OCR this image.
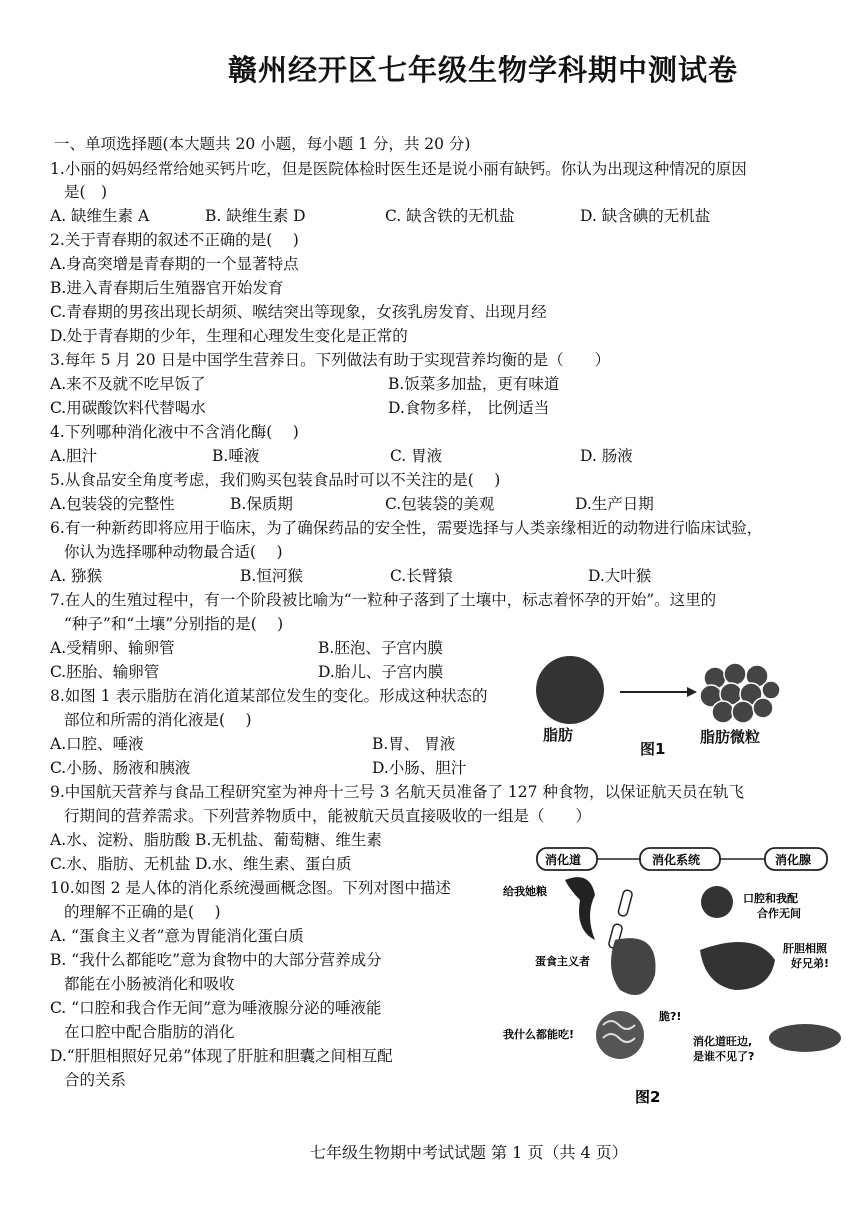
赣州经开区七年级生物学科期中测试卷
一、单项选择题(本大题共 20 小题，每小题 1 分，共 20 分)
1.小丽的妈妈经常给她买钙片吃，但是医院体检时医生还是说小丽有缺钙。你认为出现这种情况的原因
是(　)
A. 缺维生素 A	B. 缺维生素 D	C. 缺含铁的无机盐	D. 缺含碘的无机盐
2.关于青春期的叙述不正确的是(　 )
A.身高突增是青春期的一个显著特点
B.进入青春期后生殖器官开始发育
C.青春期的男孩出现长胡须、喉结突出等现象，女孩乳房发育、出现月经
D.处于青春期的少年，生理和心理发生变化是正常的
3.每年 5 月 20 日是中国学生营养日。下列做法有助于实现营养均衡的是（　　）
A.来不及就不吃早饭了	B.饭菜多加盐，更有味道
C.用碳酸饮料代替喝水	D.食物多样， 比例适当
4.下列哪种消化液中不含消化酶(　 )
A.胆汁	B.唾液	C. 胃液	D. 肠液
5.从食品安全角度考虑，我们购买包装食品时可以不关注的是(　 )
A.包装袋的完整性	B.保质期	C.包装袋的美观	D.生产日期
6.有一种新药即将应用于临床，为了确保药品的安全性，需要选择与人类亲缘相近的动物进行临床试验，
你认为选择哪种动物最合适(　 )
A. 猕猴	B.恒河猴	C.长臂猿	D.大叶猴
7.在人的生殖过程中，有一个阶段被比喻为“一粒种子落到了土壤中，标志着怀孕的开始”。这里的
“种子”和“土壤”分别指的是(　 )
A.受精卵、输卵管	B.胚泡、子宫内膜
C.胚胎、输卵管	D.胎儿、子宫内膜
8.如图 1 表示脂肪在消化道某部位发生的变化。形成这种状态的
部位和所需的消化液是(　 )
A.口腔、唾液	B.胃、 胃液
C.小肠、肠液和胰液	D.小肠、胆汁
脂肪	脂肪微粒
图1
9.中国航天营养与食品工程研究室为神舟十三号 3 名航天员准备了 127 种食物，以保证航天员在轨飞
行期间的营养需求。下列营养物质中，能被航天员直接吸收的一组是（　　）
A.水、淀粉、脂肪酸 B.无机盐、葡萄糖、维生素
C.水、脂肪、无机盐 D.水、维生素、蛋白质
10.如图 2 是人体的消化系统漫画概念图。下列对图中描述
的理解不正确的是(　 )
A. “蛋食主义者”意为胃能消化蛋白质
B. “我什么都能吃”意为食物中的大部分营养成分
都能在小肠被消化和吸收
C. “口腔和我合作无间”意为唾液腺分泌的唾液能
在口腔中配合脂肪的消化
D.“肝胆相照好兄弟”体现了肝脏和胆囊之间相互配
合的关系
消化道	消化系统	消化腺
给我她粮
口腔和我配
合作无间
蛋食主义者
肝胆相照
好兄弟!
脆?!
我什么都能吃!
消化道旺边,
是谁不见了?
图2
七年级生物期中考试试题 第 1 页（共 4 页）
